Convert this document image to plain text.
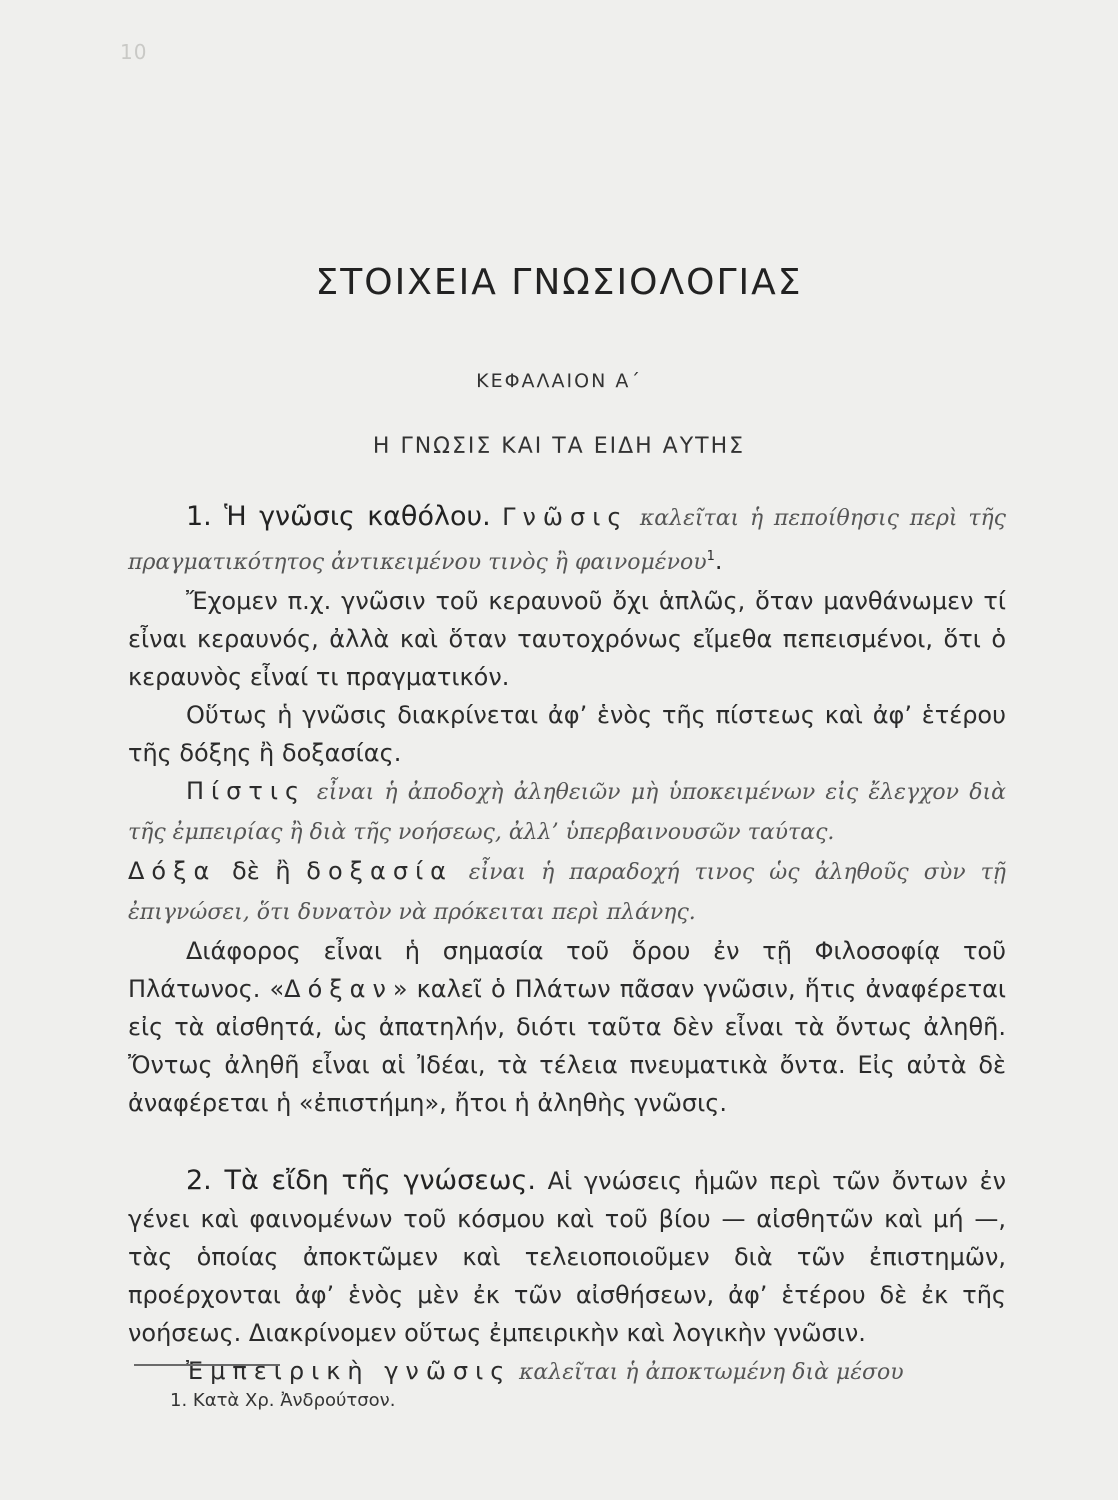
10
ΣΤΟΙΧΕΙΑ ΓΝΩΣΙΟΛΟΓΙΑΣ
ΚΕΦΑΛΑΙΟΝ Α΄
Η ΓΝΩΣΙΣ ΚΑΙ ΤΑ ΕΙΔΗ ΑΥΤΗΣ

1. Ἡ γνῶσις καθόλου. Γνῶσις καλεῖται ἡ πεποίθησις περὶ τῆς πραγματικότητος ἀντικειμένου τινὸς ἢ φαινομένου$^1$.

Ἔχομεν π.χ. γνῶσιν τοῦ κεραυνοῦ ὄχι ἁπλῶς, ὅταν μανθάνωμεν τί εἶναι κεραυνός, ἀλλὰ καὶ ὅταν ταυτοχρόνως εἴμεθα πεπεισμένοι, ὅτι ὁ κεραυνὸς εἶναί τι πραγματικόν.

Οὕτως ἡ γνῶσις διακρίνεται ἀφ’ ἑνὸς τῆς πίστεως καὶ ἀφ’ ἑτέρου τῆς δόξης ἢ δοξασίας.

Πίστις εἶναι ἡ ἀποδοχὴ ἀληθειῶν μὴ ὑποκειμένων εἰς ἔλεγχον διὰ τῆς ἐμπειρίας ἢ διὰ τῆς νοήσεως, ἀλλ’ ὑπερβαινουσῶν ταύτας.
Δόξα δὲ ἢ δοξασία εἶναι ἡ παραδοχή τινος ὡς ἀληθοῦς σὺν τῇ ἐπιγνώσει, ὅτι δυνατὸν νὰ πρόκειται περὶ πλάνης.

Διάφορος εἶναι ἡ σημασία τοῦ ὅρου ἐν τῇ Φιλοσοφίᾳ τοῦ Πλάτωνος. «Δόξαν» καλεῖ ὁ Πλάτων πᾶσαν γνῶσιν, ἥτις ἀναφέρεται εἰς τὰ αἰσθητά, ὡς ἀπατηλήν, διότι ταῦτα δὲν εἶναι τὰ ὄντως ἀληθῆ. Ὄντως ἀληθῆ εἶναι αἱ Ἰδέαι, τὰ τέλεια πνευματικὰ ὄντα. Εἰς αὐτὰ δὲ ἀναφέρεται ἡ «ἐπιστήμη», ἤτοι ἡ ἀληθὴς γνῶσις.

2. Τὰ εἴδη τῆς γνώσεως. Αἱ γνώσεις ἡμῶν περὶ τῶν ὄντων ἐν γένει καὶ φαινομένων τοῦ κόσμου καὶ τοῦ βίου — αἰσθητῶν καὶ μή —, τὰς ὁποίας ἀποκτῶμεν καὶ τελειοποιοῦμεν διὰ τῶν ἐπιστημῶν, προέρχονται ἀφ’ ἑνὸς μὲν ἐκ τῶν αἰσθήσεων, ἀφ’ ἑτέρου δὲ ἐκ τῆς νοήσεως. Διακρίνομεν οὕτως ἐμπειρικὴν καὶ λογικὴν γνῶσιν.

Ἐμπειρικὴ γνῶσις καλεῖται ἡ ἀποκτωμένη διὰ μέσου

1. Κατὰ Χρ. Ἀνδρούτσον.
